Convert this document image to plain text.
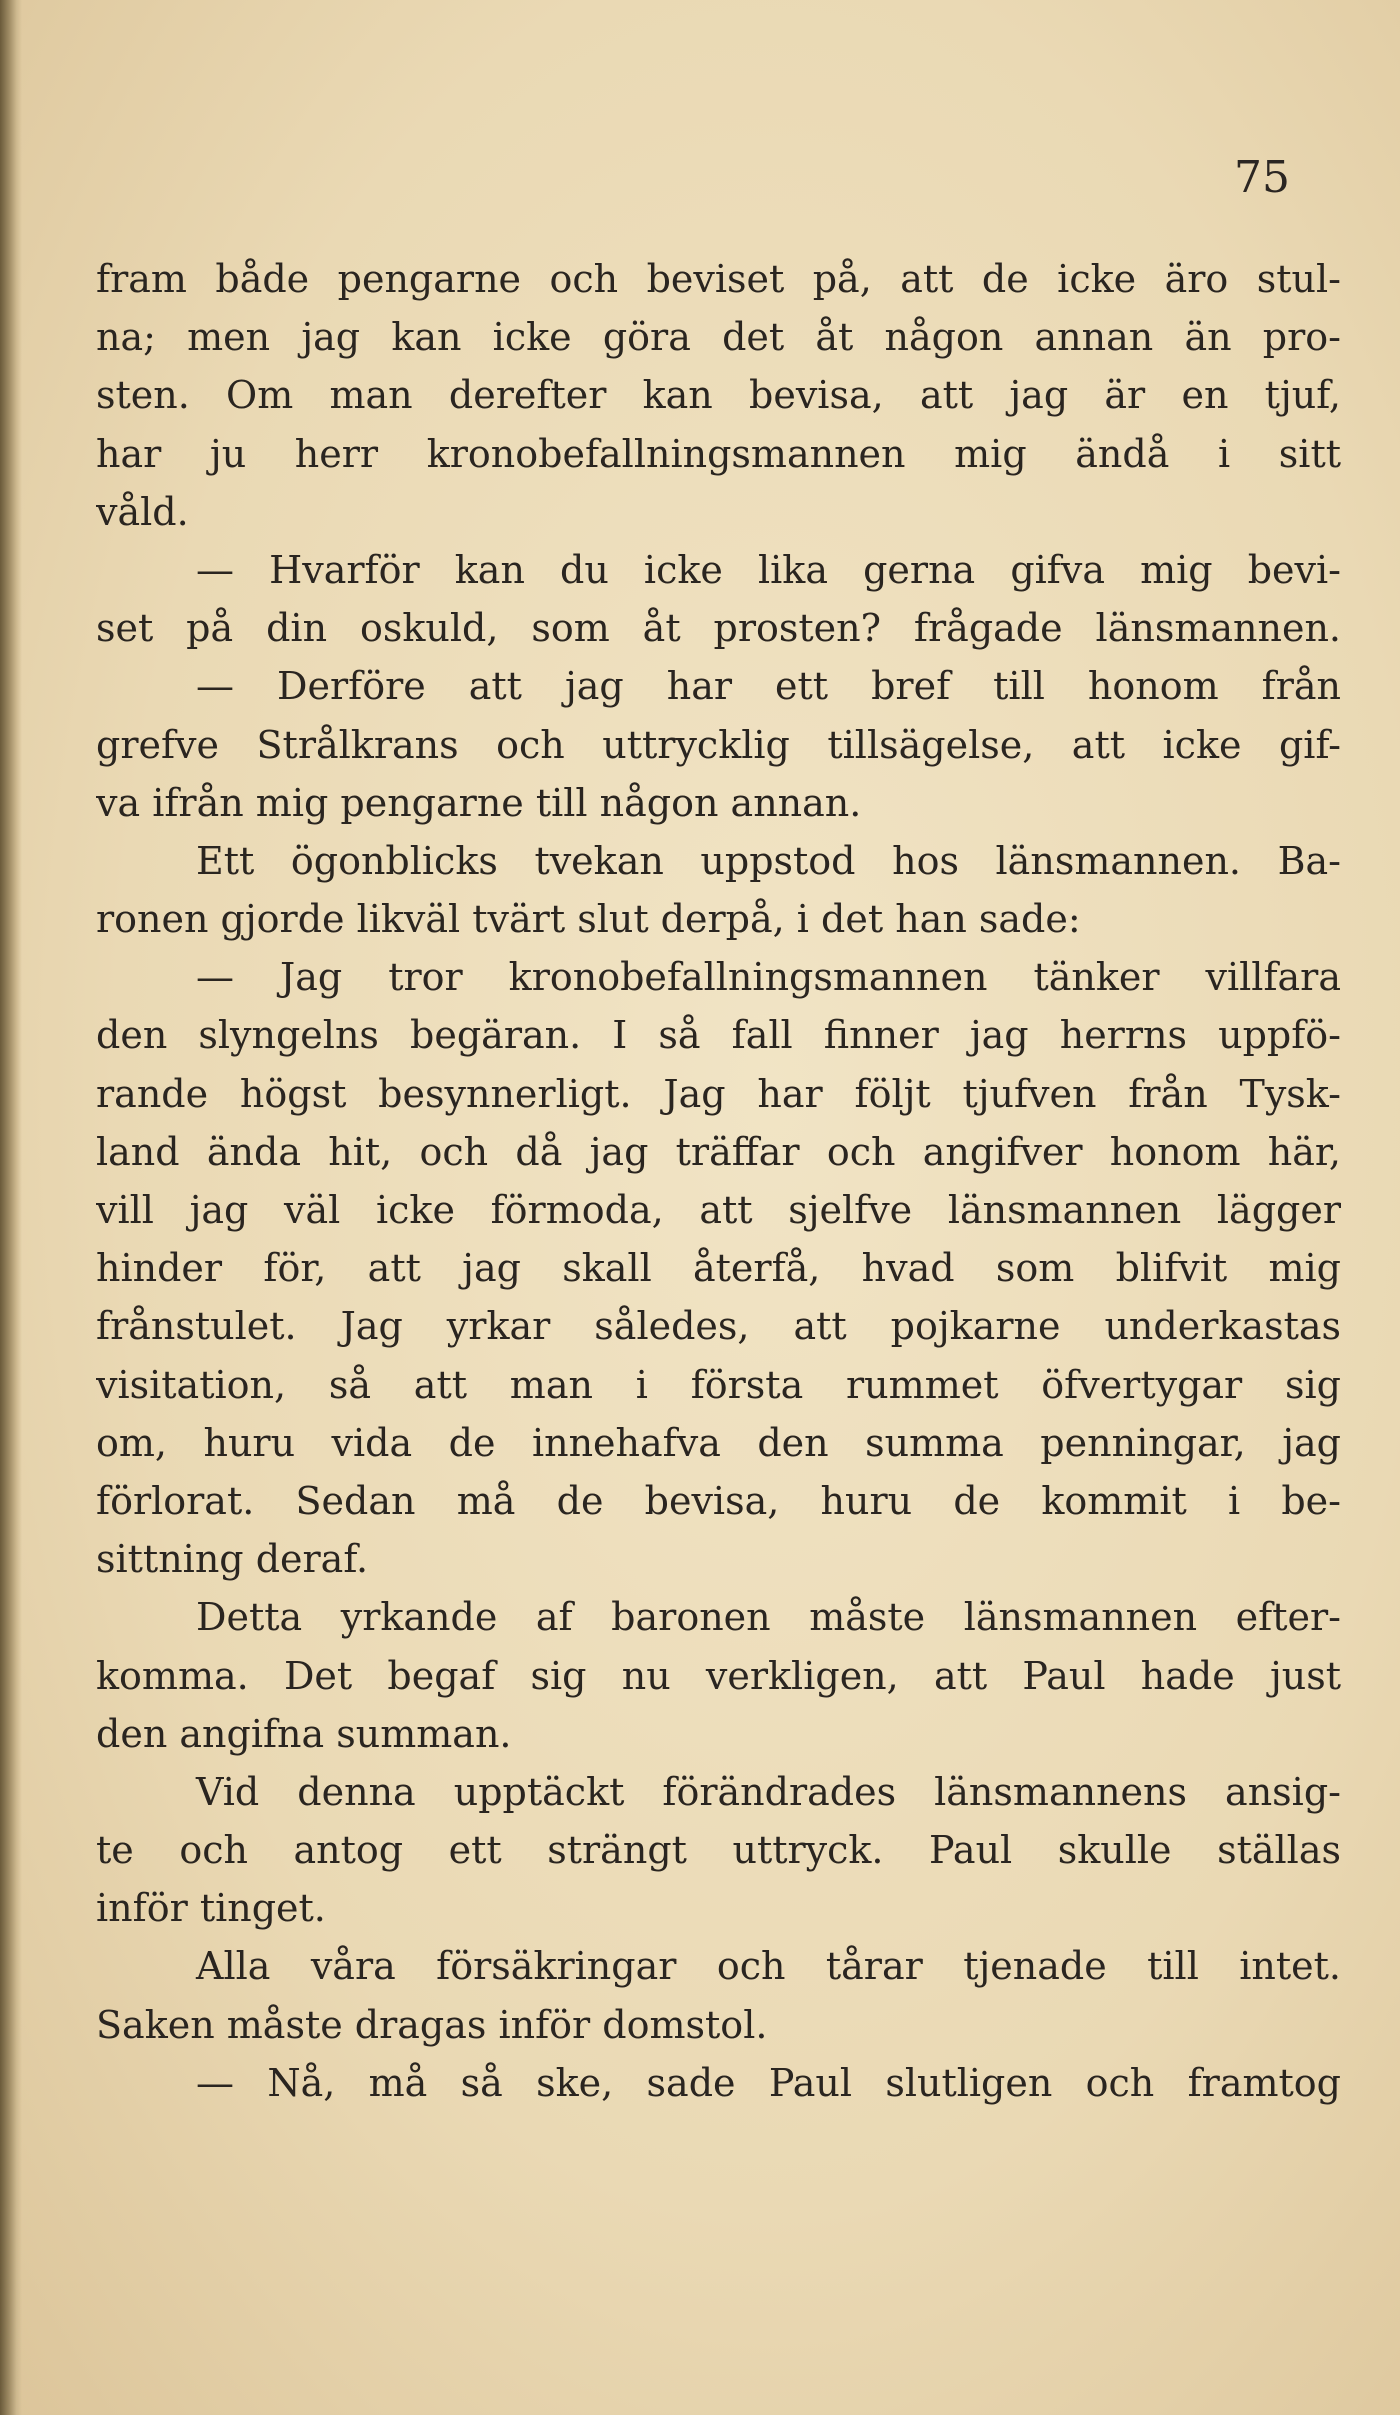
75

fram både pengarne och beviset på, att de icke äro stul-
na; men jag kan icke göra det åt någon annan än pro-
sten. Om man derefter kan bevisa, att jag är en tjuf,
har ju herr kronobefallningsmannen mig ändå i sitt
våld.
— Hvarför kan du icke lika gerna gifva mig bevi-
set på din oskuld, som åt prosten? frågade länsmannen.
— Derföre att jag har ett bref till honom från
grefve Strålkrans och uttrycklig tillsägelse, att icke gif-
va ifrån mig pengarne till någon annan.
Ett ögonblicks tvekan uppstod hos länsmannen. Ba-
ronen gjorde likväl tvärt slut derpå, i det han sade:
— Jag tror kronobefallningsmannen tänker villfara
den slyngelns begäran. I så fall finner jag herrns uppfö-
rande högst besynnerligt. Jag har följt tjufven från Tysk-
land ända hit, och då jag träffar och angifver honom här,
vill jag väl icke förmoda, att sjelfve länsmannen lägger
hinder för, att jag skall återfå, hvad som blifvit mig
frånstulet. Jag yrkar således, att pojkarne underkastas
visitation, så att man i första rummet öfvertygar sig
om, huru vida de innehafva den summa penningar, jag
förlorat. Sedan må de bevisa, huru de kommit i be-
sittning deraf.
Detta yrkande af baronen måste länsmannen efter-
komma. Det begaf sig nu verkligen, att Paul hade just
den angifna summan.
Vid denna upptäckt förändrades länsmannens ansig-
te och antog ett strängt uttryck. Paul skulle ställas
inför tinget.
Alla våra försäkringar och tårar tjenade till intet.
Saken måste dragas inför domstol.
— Nå, må så ske, sade Paul slutligen och framtog
